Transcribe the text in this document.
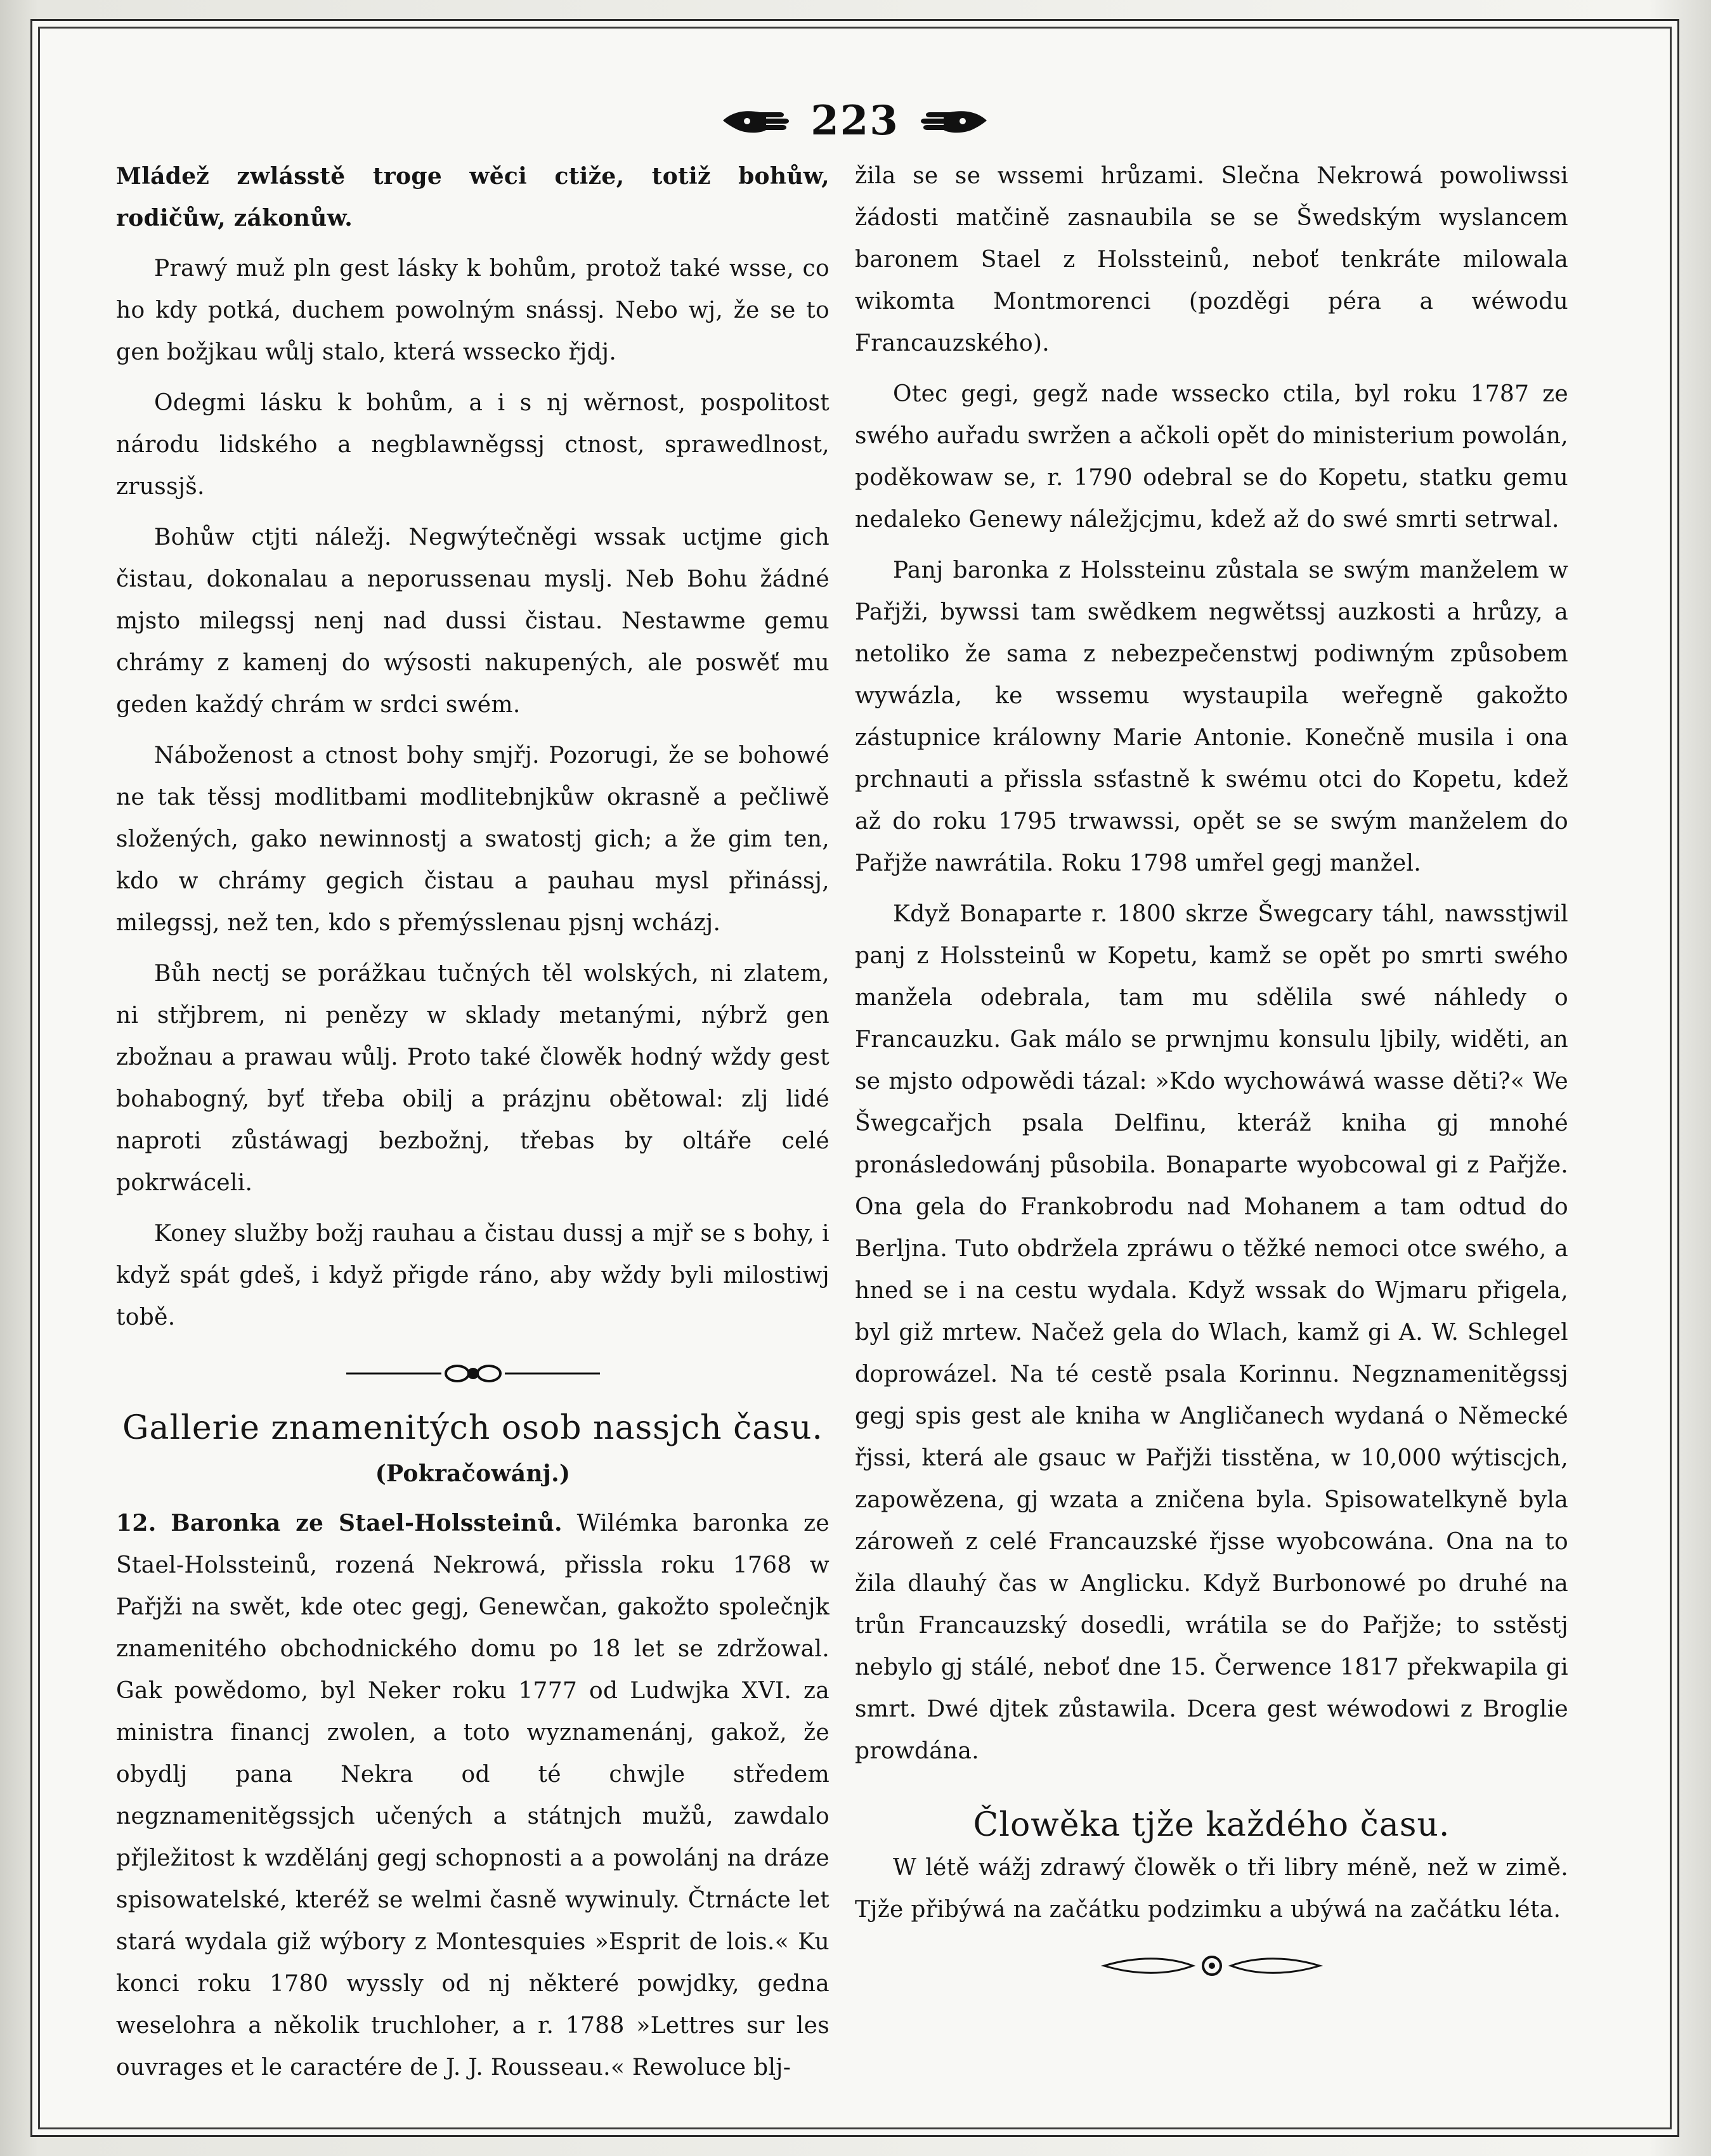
223

Mládež zwlásstě troge wěci ctiže, totiž bohůw, rodičůw, zákonůw.

Prawý muž pln gest lásky k bohům, protož také wsse, co ho kdy potká, duchem powolným snássj. Nebo wj, že se to gen božjkau wůlj stalo, která wssecko řjdj.

Odegmi lásku k bohům, a i s nj wěrnost, pospolitost národu lidského a negblawněgssj ctnost, sprawedlnost, zrussjš.

Bohůw ctjti náležj. Negwýtečněgi wssak uctjme gich čistau, dokonalau a neporussenau myslj. Neb Bohu žádné mjsto milegssj nenj nad dussi čistau. Nestawme gemu chrámy z kamenj do wýsosti nakupených, ale poswěť mu geden každý chrám w srdci swém.

Náboženost a ctnost bohy smjřj. Pozorugi, že se bohowé ne tak těssj modlitbami modlitebnjkůw okrasně a pečliwě složených, gako newinnostj a swatostj gich; a že gim ten, kdo w chrámy gegich čistau a pauhau mysl přinássj, milegssj, než ten, kdo s přemýsslenau pjsnj wcházj.

Bůh nectj se porážkau tučných těl wolských, ni zlatem, ni střjbrem, ni penězy w sklady metanými, nýbrž gen zbožnau a prawau wůlj. Proto také člowěk hodný wždy gest bohabogný, byť třeba obilj a prázjnu obětowal: zlj lidé naproti zůstáwagj bezbožnj, třebas by oltáře celé pokrwáceli.

Koney služby božj rauhau a čistau dussj a mjř se s bohy, i když spát gdeš, i když přigde ráno, aby wždy byli milostiwj tobě.

Gallerie znamenitých osob nassjch času.
(Pokračowánj.)

12. Baronka ze Stael-Holssteinů. Wilémka baronka ze Stael-Holssteinů, rozená Nekrowá, přissla roku 1768 w Pařjži na swět, kde otec gegj, Genewčan, gakožto společnjk znamenitého obchodnického domu po 18 let se zdržowal. Gak powědomo, byl Neker roku 1777 od Ludwjka XVI. za ministra financj zwolen, a toto wyznamenánj, gakož, že obydlj pana Nekra od té chwjle středem negznamenitěgssjch učených a státnjch mužů, zawdalo přjležitost k wzdělánj gegj schopnosti a a powolánj na dráze spisowatelské, kteréž se welmi časně wywinuly. Čtrnácte let stará wydala giž wýbory z Montesquies »Esprit de lois.« Ku konci roku 1780 wyssly od nj některé powjdky, gedna weselohra a několik truchloher, a r. 1788 »Lettres sur les ouvrages et le caractére de J. J. Rousseau.« Rewoluce blj-

žila se se wssemi hrůzami. Slečna Nekrowá powoliwssi žádosti matčině zasnaubila se se Šwedským wyslancem baronem Stael z Holssteinů, neboť tenkráte milowala wikomta Montmorenci (pozděgi péra a wéwodu Francauzského).

Otec gegi, gegž nade wssecko ctila, byl roku 1787 ze swého auřadu swržen a ačkoli opět do ministerium powolán, poděkowaw se, r. 1790 odebral se do Kopetu, statku gemu nedaleko Genewy náležjcjmu, kdež až do swé smrti setrwal.

Panj baronka z Holssteinu zůstala se swým manželem w Pařjži, bywssi tam swědkem negwětssj auzkosti a hrůzy, a netoliko že sama z nebezpečenstwj podiwným způsobem wywázla, ke wssemu wystaupila weřegně gakožto zástupnice králowny Marie Antonie. Konečně musila i ona prchnauti a přissla ssťastně k swému otci do Kopetu, kdež až do roku 1795 trwawssi, opět se se swým manželem do Pařjže nawrátila. Roku 1798 umřel gegj manžel.

Když Bonaparte r. 1800 skrze Šwegcary táhl, nawsstjwil panj z Holssteinů w Kopetu, kamž se opět po smrti swého manžela odebrala, tam mu sdělila swé náhledy o Francauzku. Gak málo se prwnjmu konsulu ljbily, widěti, an se mjsto odpowědi tázal: »Kdo wychowáwá wasse děti?« We Šwegcařjch psala Delfinu, kteráž kniha gj mnohé pronásledowánj působila. Bonaparte wyobcowal gi z Pařjže. Ona gela do Frankobrodu nad Mohanem a tam odtud do Berljna. Tuto obdržela zpráwu o těžké nemoci otce swého, a hned se i na cestu wydala. Když wssak do Wjmaru přigela, byl giž mrtew. Načež gela do Wlach, kamž gi A. W. Schlegel doprowázel. Na té cestě psala Korinnu. Negznamenitěgssj gegj spis gest ale kniha w Angličanech wydaná o Německé řjssi, která ale gsauc w Pařjži tisstěna, w 10,000 wýtiscjch, zapowězena, gj wzata a zničena byla. Spisowatelkyně byla zároweň z celé Francauzské řjsse wyobcowána. Ona na to žila dlauhý čas w Anglicku. Když Burbonowé po druhé na trůn Francauzský dosedli, wrátila se do Pařjže; to sstěstj nebylo gj stálé, neboť dne 15. Čerwence 1817 překwapila gi smrt. Dwé djtek zůstawila. Dcera gest wéwodowi z Broglie prowdána.

Člowěka tjže každého času.

W létě wážj zdrawý člowěk o tři libry méně, než w zimě. Tjže přibýwá na začátku podzimku a ubýwá na začátku léta.
